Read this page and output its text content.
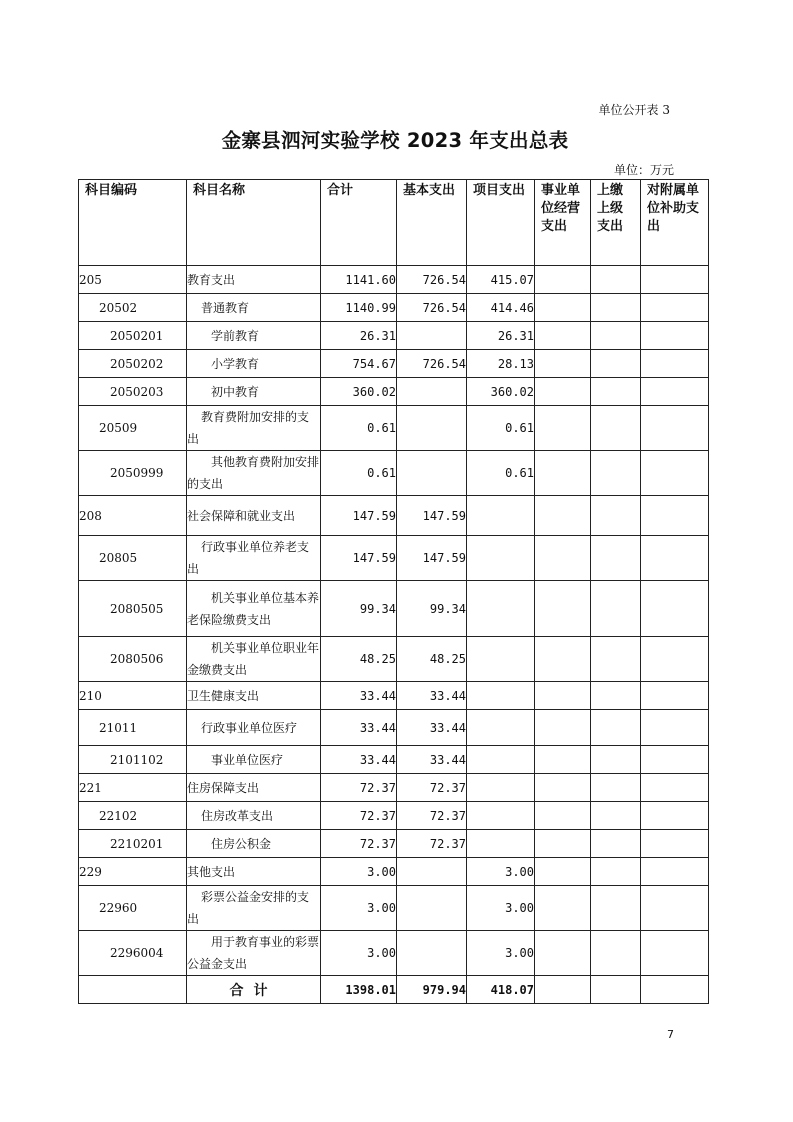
单位公开表 3
金寨县泗河实验学校 2023 年支出总表
单位：万元
科目编码	科目名称	合计	基本支出	项目支出	事业单位经营支出	上缴上级支出	对附属单位补助支出
205	教育支出	1141.60	726.54	415.07			
20502	普通教育	1140.99	726.54	414.46			
2050201	学前教育	26.31		26.31			
2050202	小学教育	754.67	726.54	28.13			
2050203	初中教育	360.02		360.02			
20509	教育费附加安排的支出	0.61		0.61			
2050999	其他教育费附加安排的支出	0.61		0.61			
208	社会保障和就业支出	147.59	147.59				
20805	行政事业单位养老支出	147.59	147.59				
2080505	机关事业单位基本养老保险缴费支出	99.34	99.34				
2080506	机关事业单位职业年金缴费支出	48.25	48.25				
210	卫生健康支出	33.44	33.44				
21011	行政事业单位医疗	33.44	33.44				
2101102	事业单位医疗	33.44	33.44				
221	住房保障支出	72.37	72.37				
22102	住房改革支出	72.37	72.37				
2210201	住房公积金	72.37	72.37				
229	其他支出	3.00		3.00			
22960	彩票公益金安排的支出	3.00		3.00			
2296004	用于教育事业的彩票公益金支出	3.00		3.00			
	合计	1398.01	979.94	418.07			
7
